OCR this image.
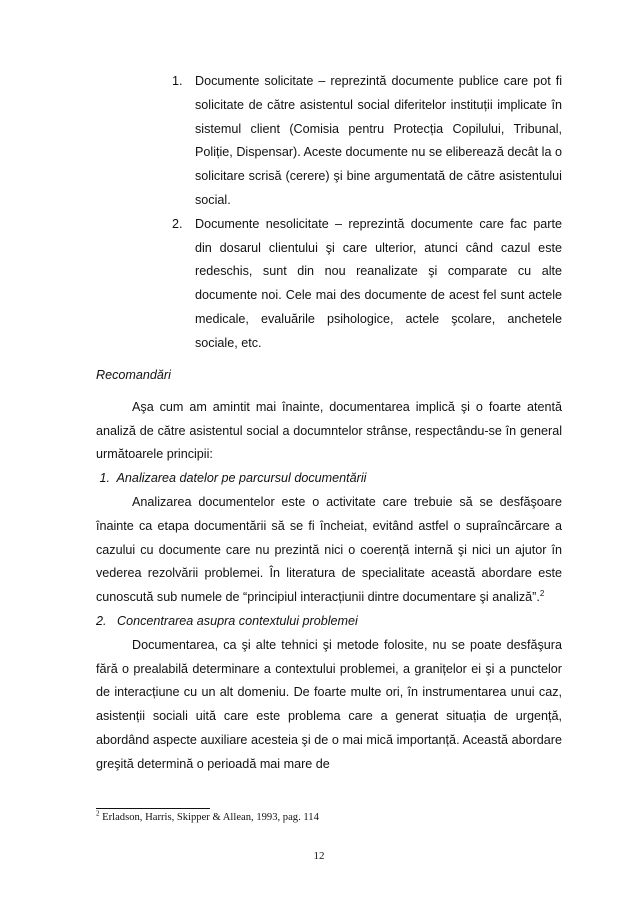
1. Documente solicitate – reprezintă documente publice care pot fi solicitate de către asistentul social diferitelor instituții implicate în sistemul client (Comisia pentru Protecția Copilului, Tribunal, Poliție, Dispensar). Aceste documente nu se eliberează decât la o solicitare scrisă (cerere) şi bine argumentată de către asistentului social.
2. Documente nesolicitate – reprezintă documente care fac parte din dosarul clientului şi care ulterior, atunci când cazul este redeschis, sunt din nou reanalizate şi comparate cu alte documente noi. Cele mai des documente de acest fel sunt actele medicale, evaluările psihologice, actele şcolare, anchetele sociale, etc.
Recomandări

Aşa cum am amintit mai înainte, documentarea implică şi o foarte atentă analiză de către asistentul social a documntelor strânse, respectându-se în general următoarele principii:

1.  Analizarea datelor pe parcursul documentării

Analizarea documentelor este o activitate care trebuie să se desfăşoare înainte ca etapa documentării să se fi încheiat, evitând astfel o supraîncărcare a cazului cu documente care nu prezintă nici o coerență internă şi nici un ajutor în vederea rezolvării problemei. În literatura de specialitate această abordare este cunoscută sub numele de “principiul interacțiunii dintre documentare şi analiză”.$^2$

2.   Concentrarea asupra contextului problemei

Documentarea, ca şi alte tehnici şi metode folosite, nu se poate desfăşura fără o prealabilă determinare a contextului problemei, a granițelor ei şi a punctelor de interacțiune cu un alt domeniu. De foarte multe ori, în instrumentarea unui caz, asistenții sociali uită care este problema care a generat situația de urgență, abordând aspecte auxiliare acesteia şi de o mai mică importanță. Această abordare greşită determină o perioadă mai mare de

$^2$ Erladson, Harris, Skipper & Allean, 1993, pag. 114
12
